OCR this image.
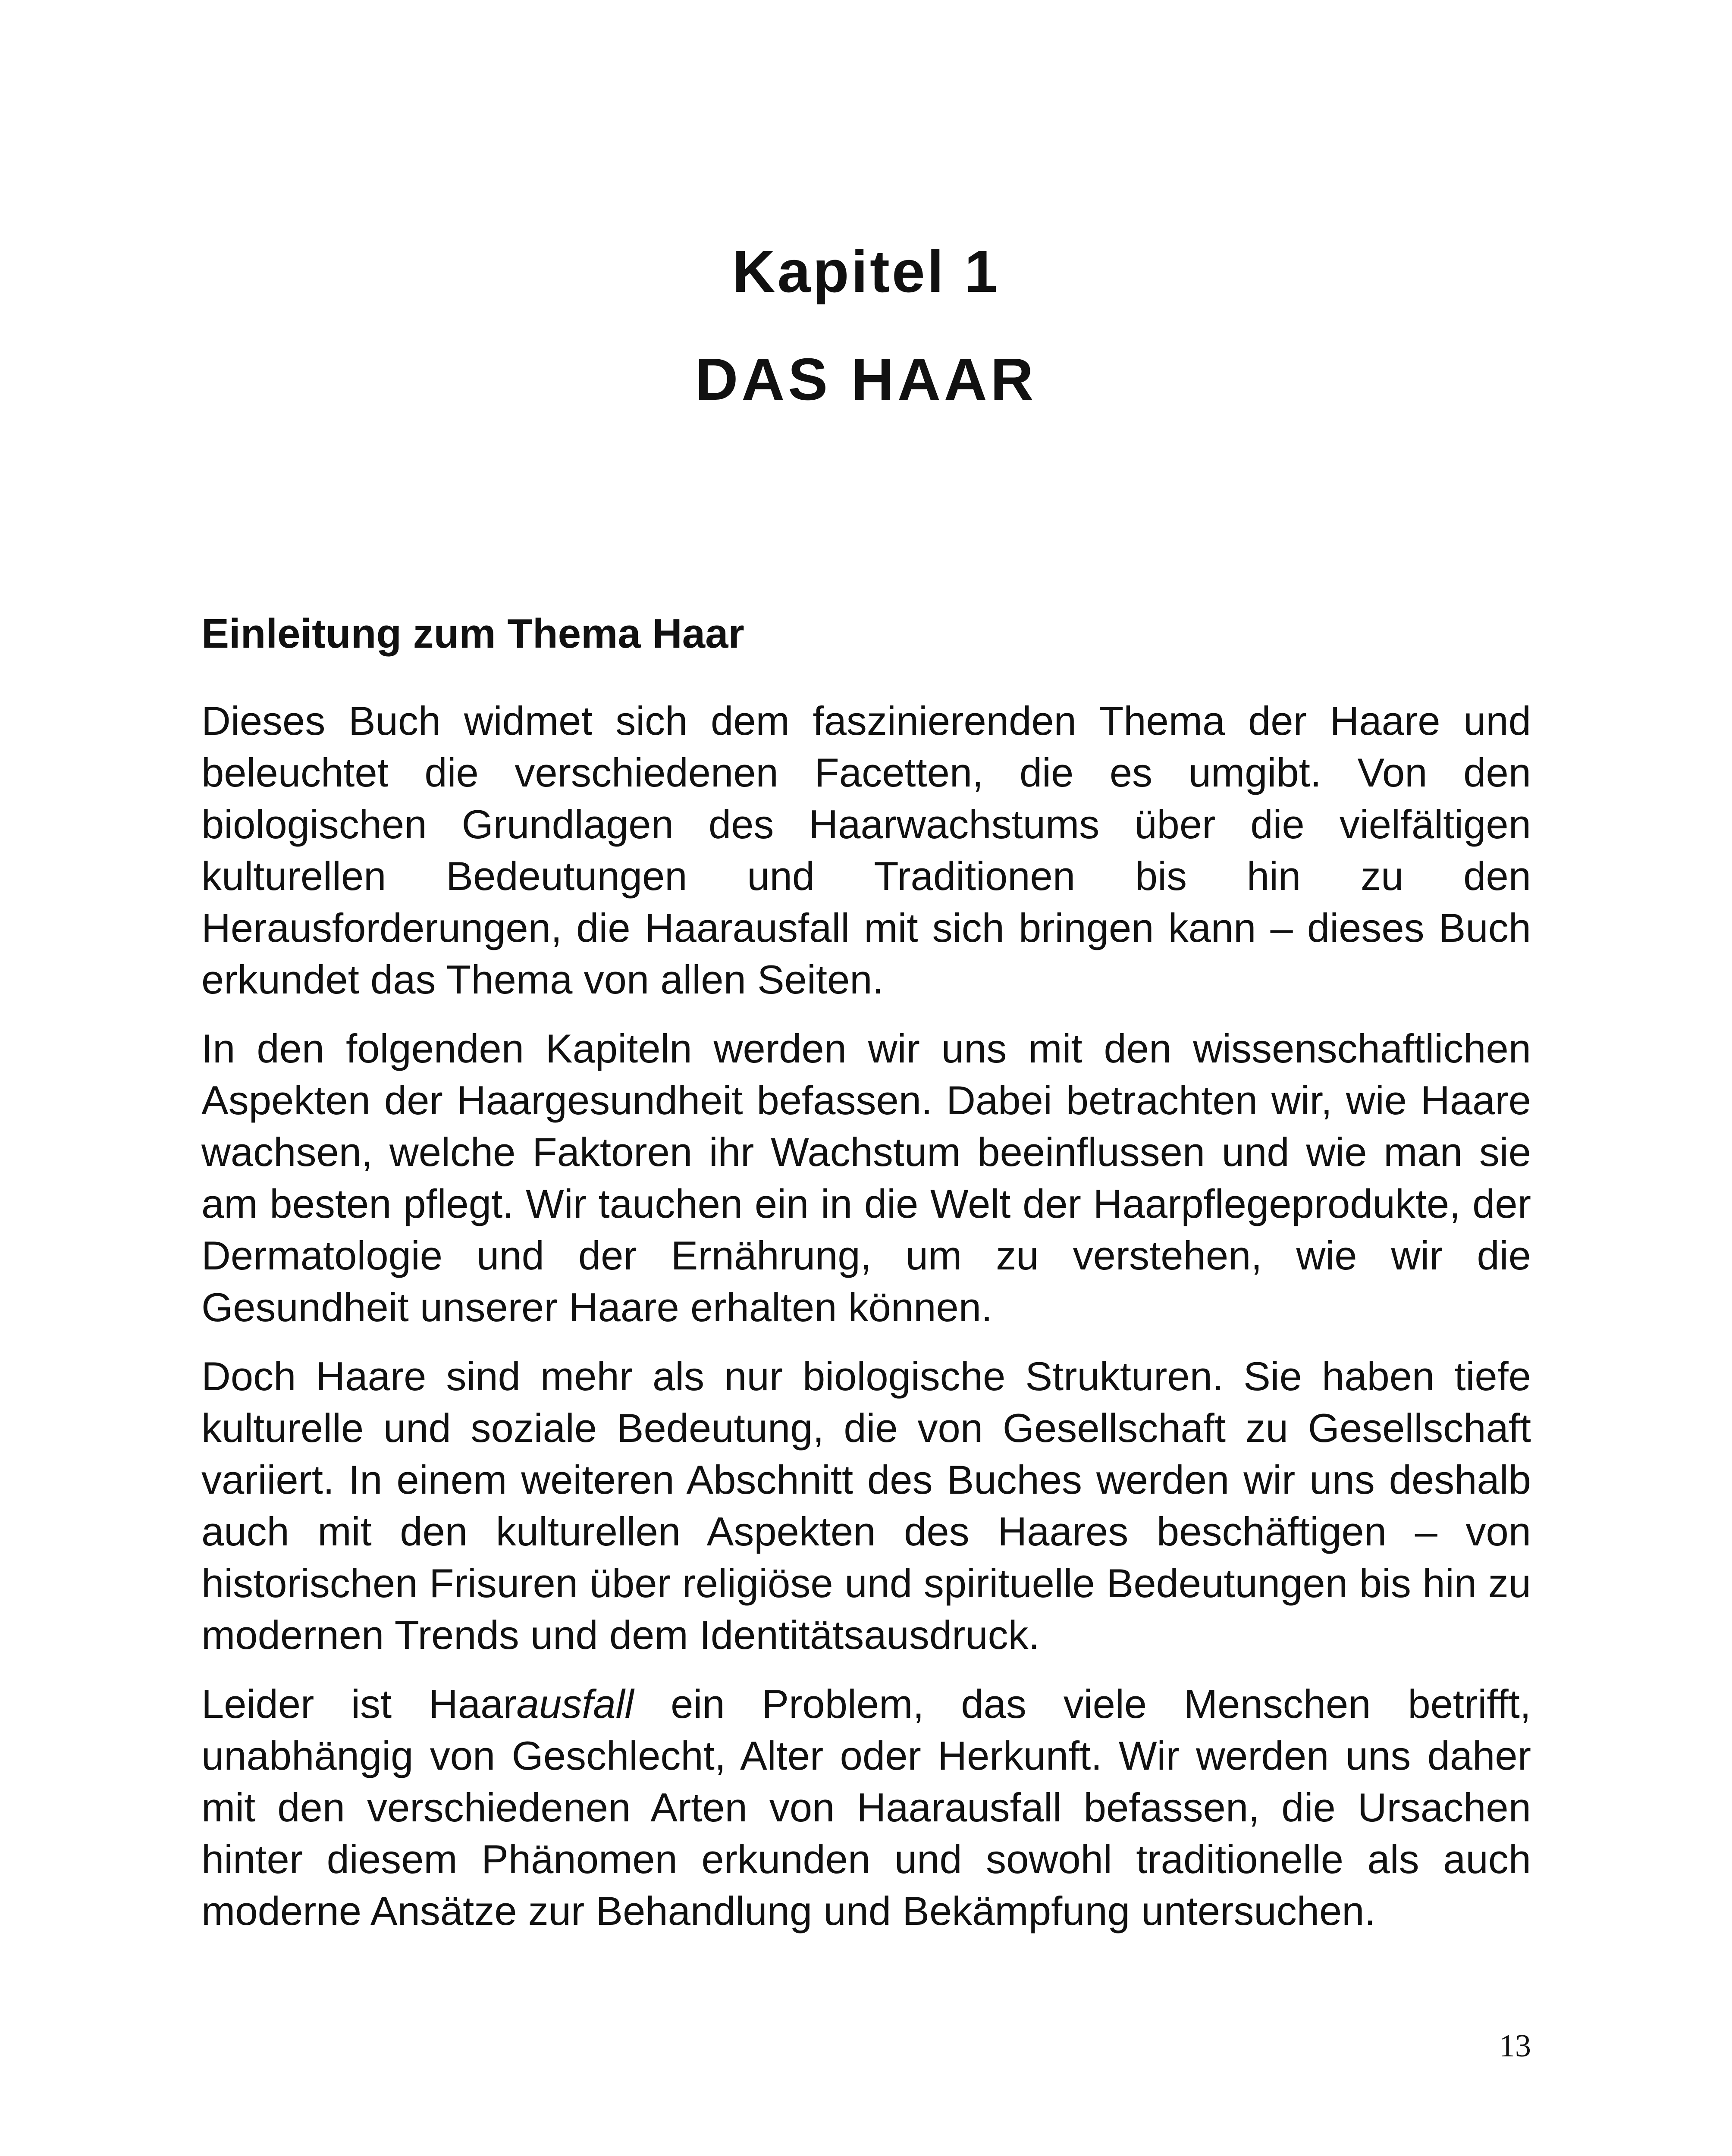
Kapitel 1
DAS HAAR
Einleitung zum Thema Haar

Dieses Buch widmet sich dem faszinierenden Thema der Haare und beleuchtet die verschiedenen Facetten, die es umgibt. Von den biologischen Grundlagen des Haarwachstums über die vielfältigen kulturellen Bedeutungen und Traditionen bis hin zu den Herausforderungen, die Haarausfall mit sich bringen kann – dieses Buch erkundet das Thema von allen Seiten.

In den folgenden Kapiteln werden wir uns mit den wissenschaftlichen Aspekten der Haargesundheit befassen. Dabei betrachten wir, wie Haare wachsen, welche Faktoren ihr Wachstum beeinflussen und wie man sie am besten pflegt. Wir tauchen ein in die Welt der Haarpflegeprodukte, der Dermatologie und der Ernährung, um zu verstehen, wie wir die Gesundheit unserer Haare erhalten können.

Doch Haare sind mehr als nur biologische Strukturen. Sie haben tiefe kulturelle und soziale Bedeutung, die von Gesellschaft zu Gesellschaft variiert. In einem weiteren Abschnitt des Buches werden wir uns deshalb auch mit den kulturellen Aspekten des Haares beschäftigen – von historischen Frisuren über religiöse und spirituelle Bedeutungen bis hin zu modernen Trends und dem Identitätsausdruck.

Leider ist Haarausfall ein Problem, das viele Menschen betrifft, unabhängig von Geschlecht, Alter oder Herkunft. Wir werden uns daher mit den verschiedenen Arten von Haarausfall befassen, die Ursachen hinter diesem Phänomen erkunden und sowohl traditionelle als auch moderne Ansätze zur Behandlung und Bekämpfung untersuchen.

13
